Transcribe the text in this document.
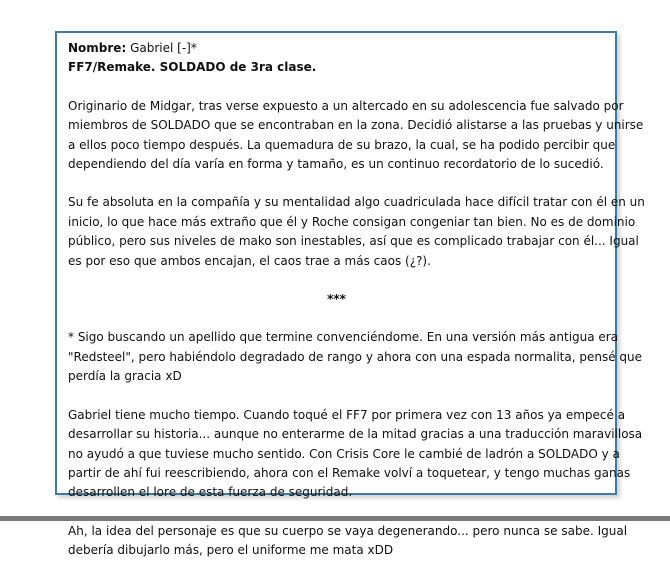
Nombre: Gabriel [-]*

FF7/Remake. SOLDADO de 3ra clase.

Originario de Midgar, tras verse expuesto a un altercado en su adolescencia fue salvado por

miembros de SOLDADO que se encontraban en la zona. Decidió alistarse a las pruebas y unirse

a ellos poco tiempo después. La quemadura de su brazo, la cual, se ha podido percibir que

dependiendo del día varía en forma y tamaño, es un continuo recordatorio de lo sucedió.

Su fe absoluta en la compañía y su mentalidad algo cuadriculada hace difícil tratar con él en un

inicio, lo que hace más extraño que él y Roche consigan congeniar tan bien. No es de dominio

público, pero sus niveles de mako son inestables, así que es complicado trabajar con él... Igual

es por eso que ambos encajan, el caos trae a más caos (¿?).

***

* Sigo buscando un apellido que termine convenciéndome. En una versión más antigua era

"Redsteel", pero habiéndolo degradado de rango y ahora con una espada normalita, pensé que

perdía la gracia xD

Gabriel tiene mucho tiempo. Cuando toqué el FF7 por primera vez con 13 años ya empecé a

desarrollar su historia... aunque no enterarme de la mitad gracias a una traducción maravillosa

no ayudó a que tuviese mucho sentido. Con Crisis Core le cambié de ladrón a SOLDADO y a

partir de ahí fui reescribiendo, ahora con el Remake volví a toquetear, y tengo muchas ganas

desarrollen el lore de esta fuerza de seguridad.

Ah, la idea del personaje es que su cuerpo se vaya degenerando... pero nunca se sabe. Igual

debería dibujarlo más, pero el uniforme me mata xDD
